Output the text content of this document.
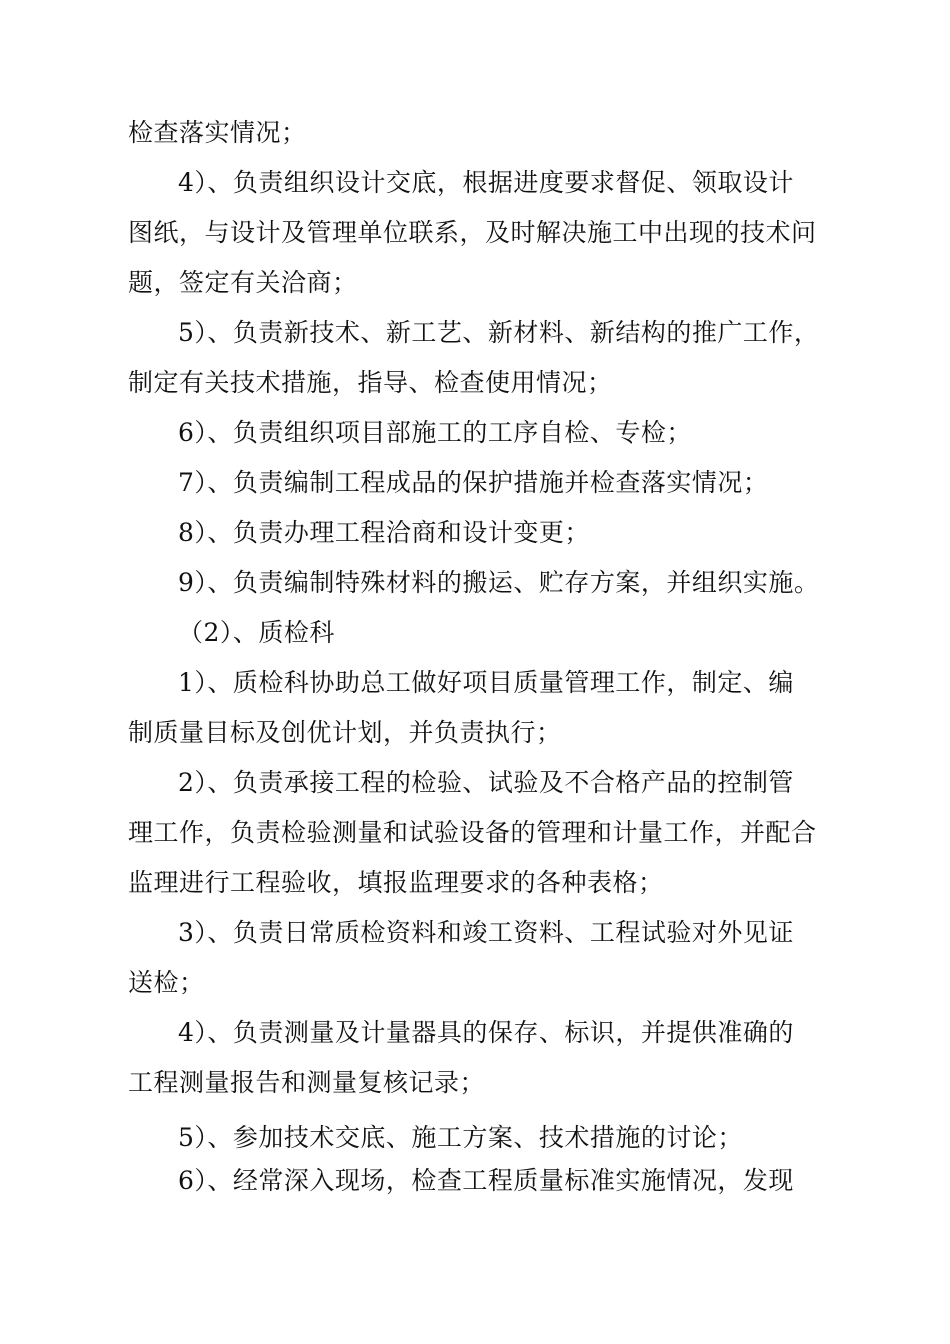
检查落实情况；
4）、负责组织设计交底，根据进度要求督促、领取设计
图纸，与设计及管理单位联系，及时解决施工中出现的技术问
题，签定有关洽商；
5）、负责新技术、新工艺、新材料、新结构的推广工作，
制定有关技术措施，指导、检查使用情况；
6）、负责组织项目部施工的工序自检、专检；
7）、负责编制工程成品的保护措施并检查落实情况；
8）、负责办理工程洽商和设计变更；
9）、负责编制特殊材料的搬运、贮存方案，并组织实施。
（2）、质检科
1）、质检科协助总工做好项目质量管理工作，制定、编
制质量目标及创优计划，并负责执行；
2）、负责承接工程的检验、试验及不合格产品的控制管
理工作，负责检验测量和试验设备的管理和计量工作，并配合
监理进行工程验收，填报监理要求的各种表格；
3）、负责日常质检资料和竣工资料、工程试验对外见证
送检；
4）、负责测量及计量器具的保存、标识，并提供准确的
工程测量报告和测量复核记录；
5）、参加技术交底、施工方案、技术措施的讨论；
6）、经常深入现场，检查工程质量标准实施情况，发现
